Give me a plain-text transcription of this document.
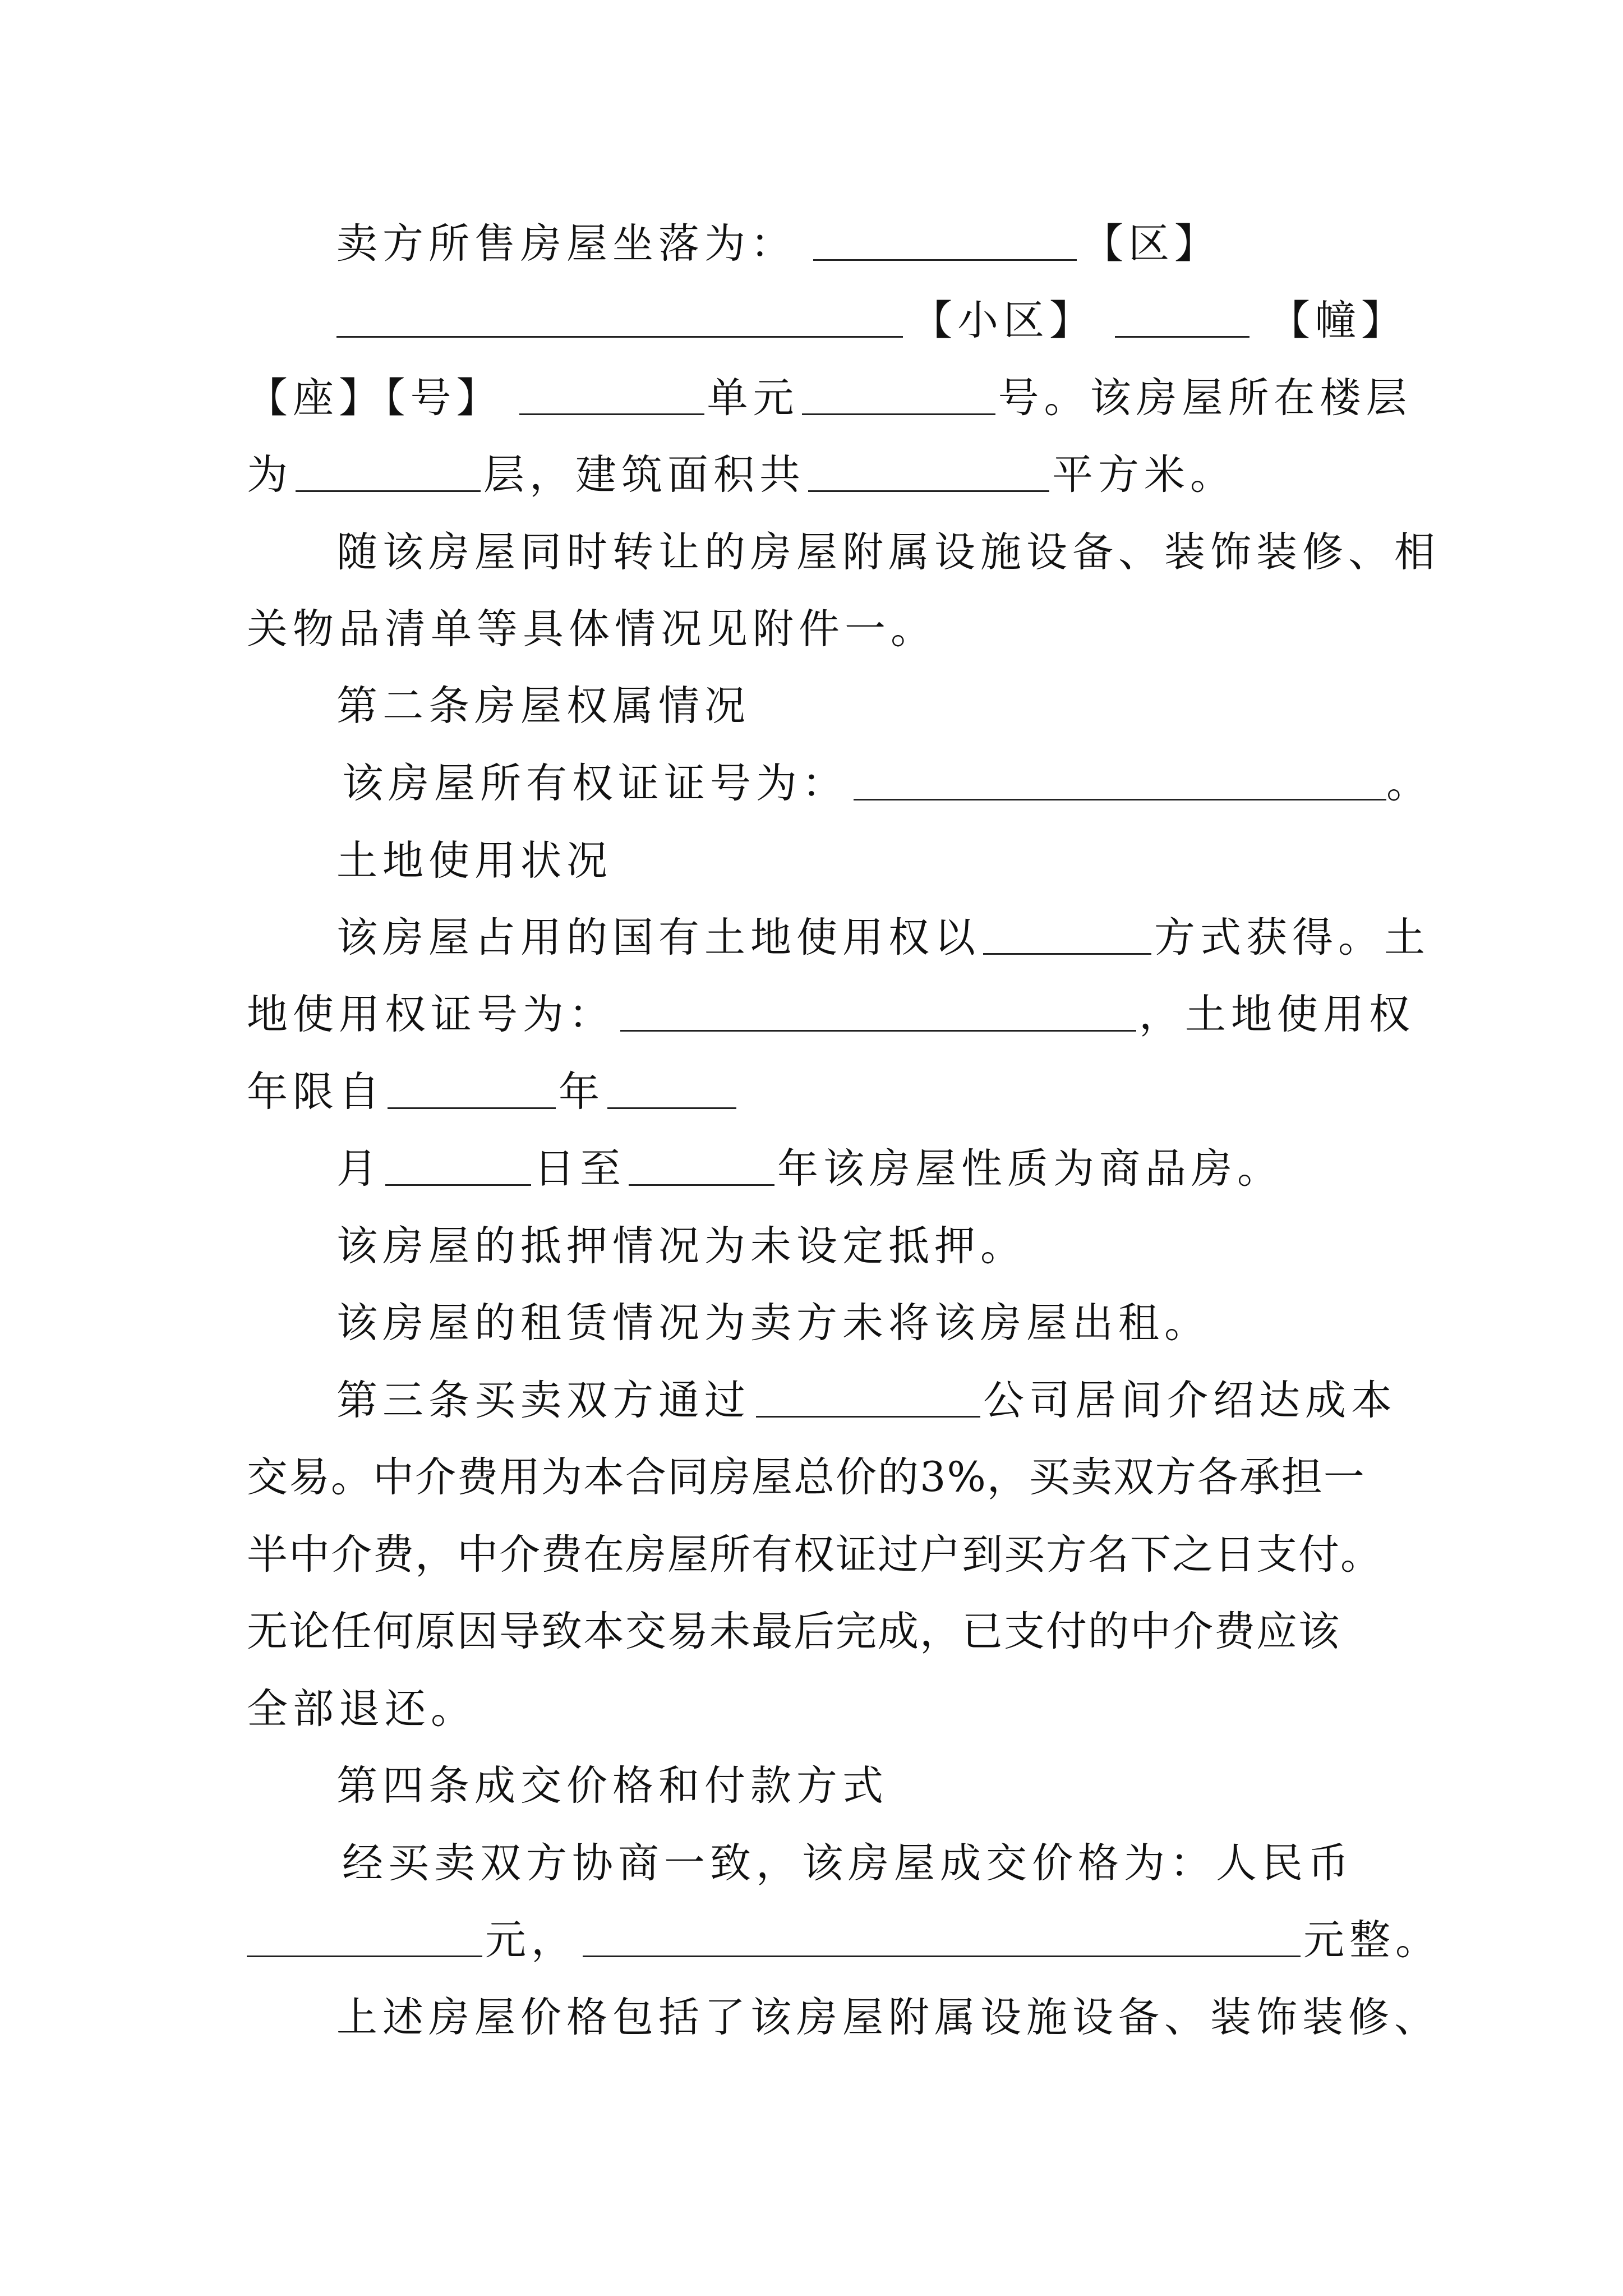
卖方所售房屋坐落为：	【区】
【小区】	【幢】
【座】【号】	单元	号。该房屋所在楼层
为	层，建筑面积共	平方米。
随该房屋同时转让的房屋附属设施设备、装饰装修、相
关物品清单等具体情况见附件一。
第二条房屋权属情况
该房屋所有权证证号为：	。
土地使用状况
该房屋占用的国有土地使用权以	方式获得。土
地使用权证号为：	，土地使用权
年限自	年
月	日至	年该房屋性质为商品房。
该房屋的抵押情况为未设定抵押。
该房屋的租赁情况为卖方未将该房屋出租。
第三条买卖双方通过	公司居间介绍达成本
交易。中介费用为本合同房屋总价的3%，买卖双方各承担一
半中介费，中介费在房屋所有权证过户到买方名下之日支付。
无论任何原因导致本交易未最后完成，已支付的中介费应该
全部退还。
第四条成交价格和付款方式
经买卖双方协商一致，该房屋成交价格为：人民币
元，	元整。
上述房屋价格包括了该房屋附属设施设备、装饰装修、
